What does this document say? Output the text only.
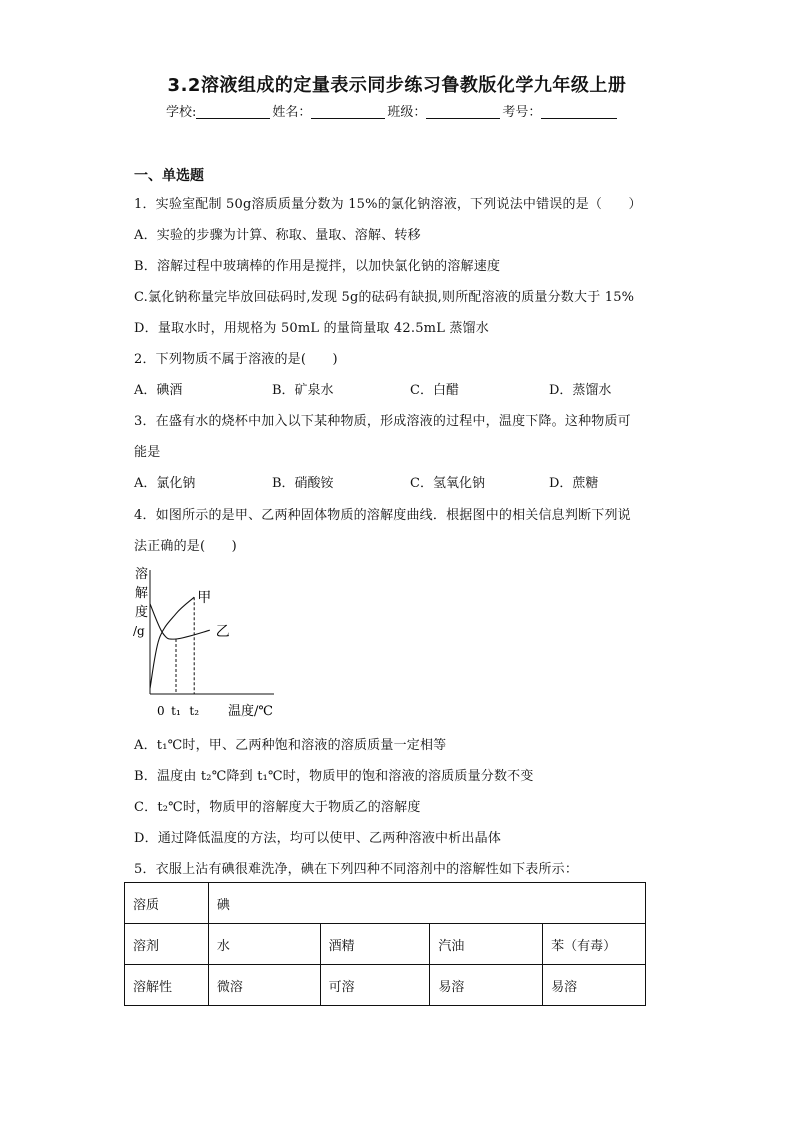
3.2溶液组成的定量表示同步练习鲁教版化学九年级上册
学校:	姓名：	班级：	考号：
一、单选题
1．实验室配制 50g溶质质量分数为 15%的氯化钠溶液，下列说法中错误的是（　　）
A．实验的步骤为计算、称取、量取、溶解、转移
B．溶解过程中玻璃棒的作用是搅拌，以加快氯化钠的溶解速度
C.氯化钠称量完毕放回砝码时,发现 5g的砝码有缺损,则所配溶液的质量分数大于 15%
D．量取水时，用规格为 50mL 的量筒量取 42.5mL 蒸馏水
2．下列物质不属于溶液的是(　　)
A．碘酒	B．矿泉水	C．白醋	D．蒸馏水
3．在盛有水的烧杯中加入以下某种物质，形成溶液的过程中，温度下降。这种物质可
能是
A．氯化钠	B．硝酸铵	C．氢氧化钠	D．蔗糖
4．如图所示的是甲、乙两种固体物质的溶解度曲线．根据图中的相关信息判断下列说
法正确的是(　　)
溶
解
度
/g
0	温度/℃
t₁ t₂
甲
乙
A．t₁℃时，甲、乙两种饱和溶液的溶质质量一定相等
B．温度由 t₂℃降到 t₁℃时，物质甲的饱和溶液的溶质质量分数不变
C．t₂℃时，物质甲的溶解度大于物质乙的溶解度
D．通过降低温度的方法，均可以使甲、乙两种溶液中析出晶体
5．衣服上沾有碘很难洗净，碘在下列四种不同溶剂中的溶解性如下表所示：
溶质	碘			
溶剂	水	酒精	汽油	苯（有毒）
溶解性	微溶	可溶	易溶	易溶
